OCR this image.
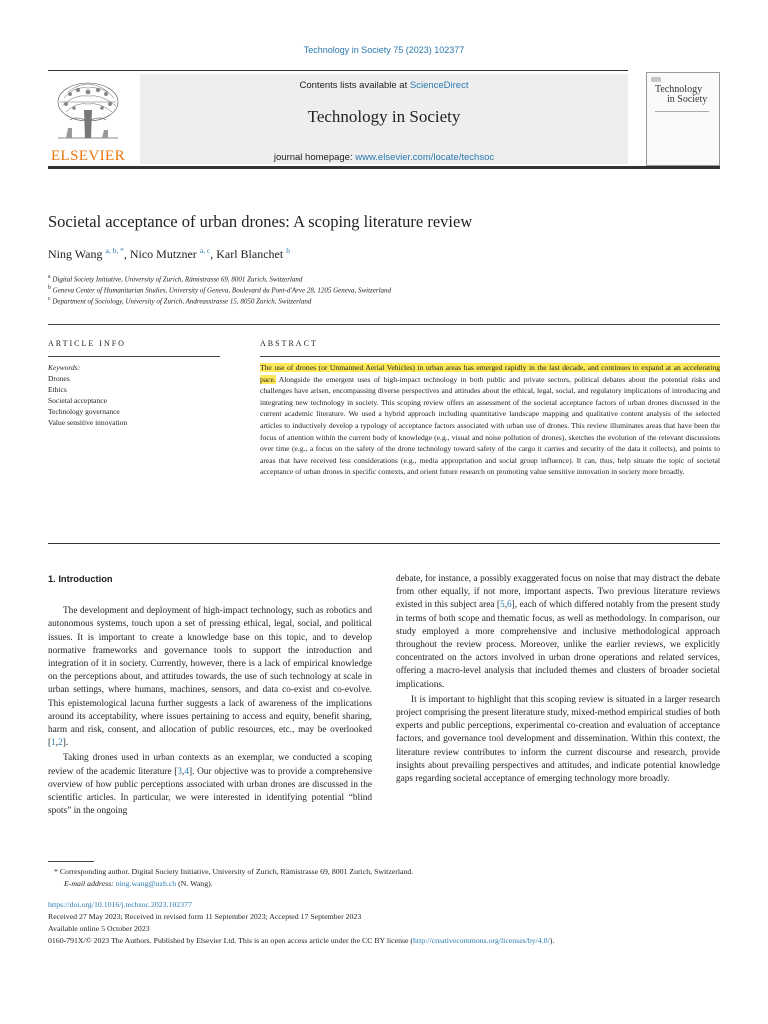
Technology in Society 75 (2023) 102377
ELSEVIER
Contents lists available at ScienceDirect
Technology in Society
journal homepage: www.elsevier.com/locate/techsoc
Technology
in Society
Societal acceptance of urban drones: A scoping literature review
Ning Wang $^{a, b, *}$, Nico Mutzner $^{a, c}$, Karl Blanchet $^b$
$^a$ Digital Society Initiative, University of Zurich, Rämistrasse 69, 8001 Zurich, Switzerland
$^b$ Geneva Center of Humanitarian Studies, University of Geneva, Boulevard du Pont-d'Arve 28, 1205 Geneva, Switzerland
$^c$ Department of Sociology, University of Zurich, Andreasstrasse 15, 8050 Zurich, Switzerland
ARTICLE INFO	ABSTRACT
Keywords:
Drones
Ethics
Societal acceptance
Technology governance
Value sensitive innovation
The use of drones (or Unmanned Aerial Vehicles) in urban areas has emerged rapidly in the last decade, and continues to expand at an accelerating pace. Alongside the emergent uses of high-impact technology in both public and private sectors, political debates about the potential risks and challenges have arisen, encompassing diverse perspectives and attitudes about the ethical, legal, social, and regulatory implications of introducing and integrating new technology in society. This scoping review offers an assessment of the societal acceptance factors of urban drones discussed in the current academic literature. We used a hybrid approach including quantitative landscape mapping and qualitative content analysis of the selected articles to inductively develop a typology of acceptance factors associated with urban use of drones. This review illuminates areas that have been the focus of attention within the current body of knowledge (e.g., visual and noise pollution of drones), sketches the evolution of the relevant discussions over time (e.g., a focus on the safety of the drone technology toward safety of the cargo it carries and security of the data it collects), and points to areas that have received less considerations (e.g., media appropriation and social group influence). It can, thus, help situate the topic of societal acceptance of urban drones in specific contexts, and orient future research on promoting value sensitive innovation in society more broadly.

1. Introduction

The development and deployment of high-impact technology, such as robotics and autonomous systems, touch upon a set of pressing ethical, legal, social, and political issues. It is important to create a knowledge base on this topic, and to develop normative frameworks and governance tools to support the introduction and integration of it in society. Currently, however, there is a lack of empirical knowledge on the perceptions about, and attitudes towards, the use of such technology at scale in urban settings, where humans, machines, sensors, and data co-exist and co-evolve. This epistemological lacuna further suggests a lack of awareness of the implications around its acceptability, where issues pertaining to access and equity, benefit sharing, harm and risk, consent, and allocation of public resources, etc., may be overlooked [1,2].

Taking drones used in urban contexts as an exemplar, we conducted a scoping review of the academic literature [3,4]. Our objective was to provide a comprehensive overview of how public perceptions associated with urban drones are discussed in the scientific articles. In particular, we were interested in identifying potential “blind spots” in the ongoing

debate, for instance, a possibly exaggerated focus on noise that may distract the debate from other equally, if not more, important aspects. Two previous literature reviews existed in this subject area [5,6], each of which differed notably from the present study in terms of both scope and thematic focus, as well as methodology. In comparison, our study employed a more comprehensive and inclusive methodological approach throughout the review process. Moreover, unlike the earlier reviews, we explicitly concentrated on the actors involved in urban drone operations and related services, offering a macro-level analysis that included themes and clusters of broader societal implications.

It is important to highlight that this scoping review is situated in a larger research project comprising the present literature study, mixed-method empirical studies of both experts and public perceptions, experimental co-creation and evaluation of acceptance factors, and governance tool development and dissemination. Within this context, the literature review contributes to inform the current discourse and research, provide insights about prevailing perspectives and attitudes, and indicate potential knowledge gaps regarding societal acceptance of emerging technology more broadly.

* Corresponding author. Digital Society Initiative, University of Zurich, Rämistrasse 69, 8001 Zurich, Switzerland.
E-mail address: ning.wang@uzh.ch (N. Wang).
https://doi.org/10.1016/j.techsoc.2023.102377
Received 27 May 2023; Received in revised form 11 September 2023; Accepted 17 September 2023
Available online 5 October 2023
0160-791X/© 2023 The Authors. Published by Elsevier Ltd. This is an open access article under the CC BY license (http://creativecommons.org/licenses/by/4.0/).
